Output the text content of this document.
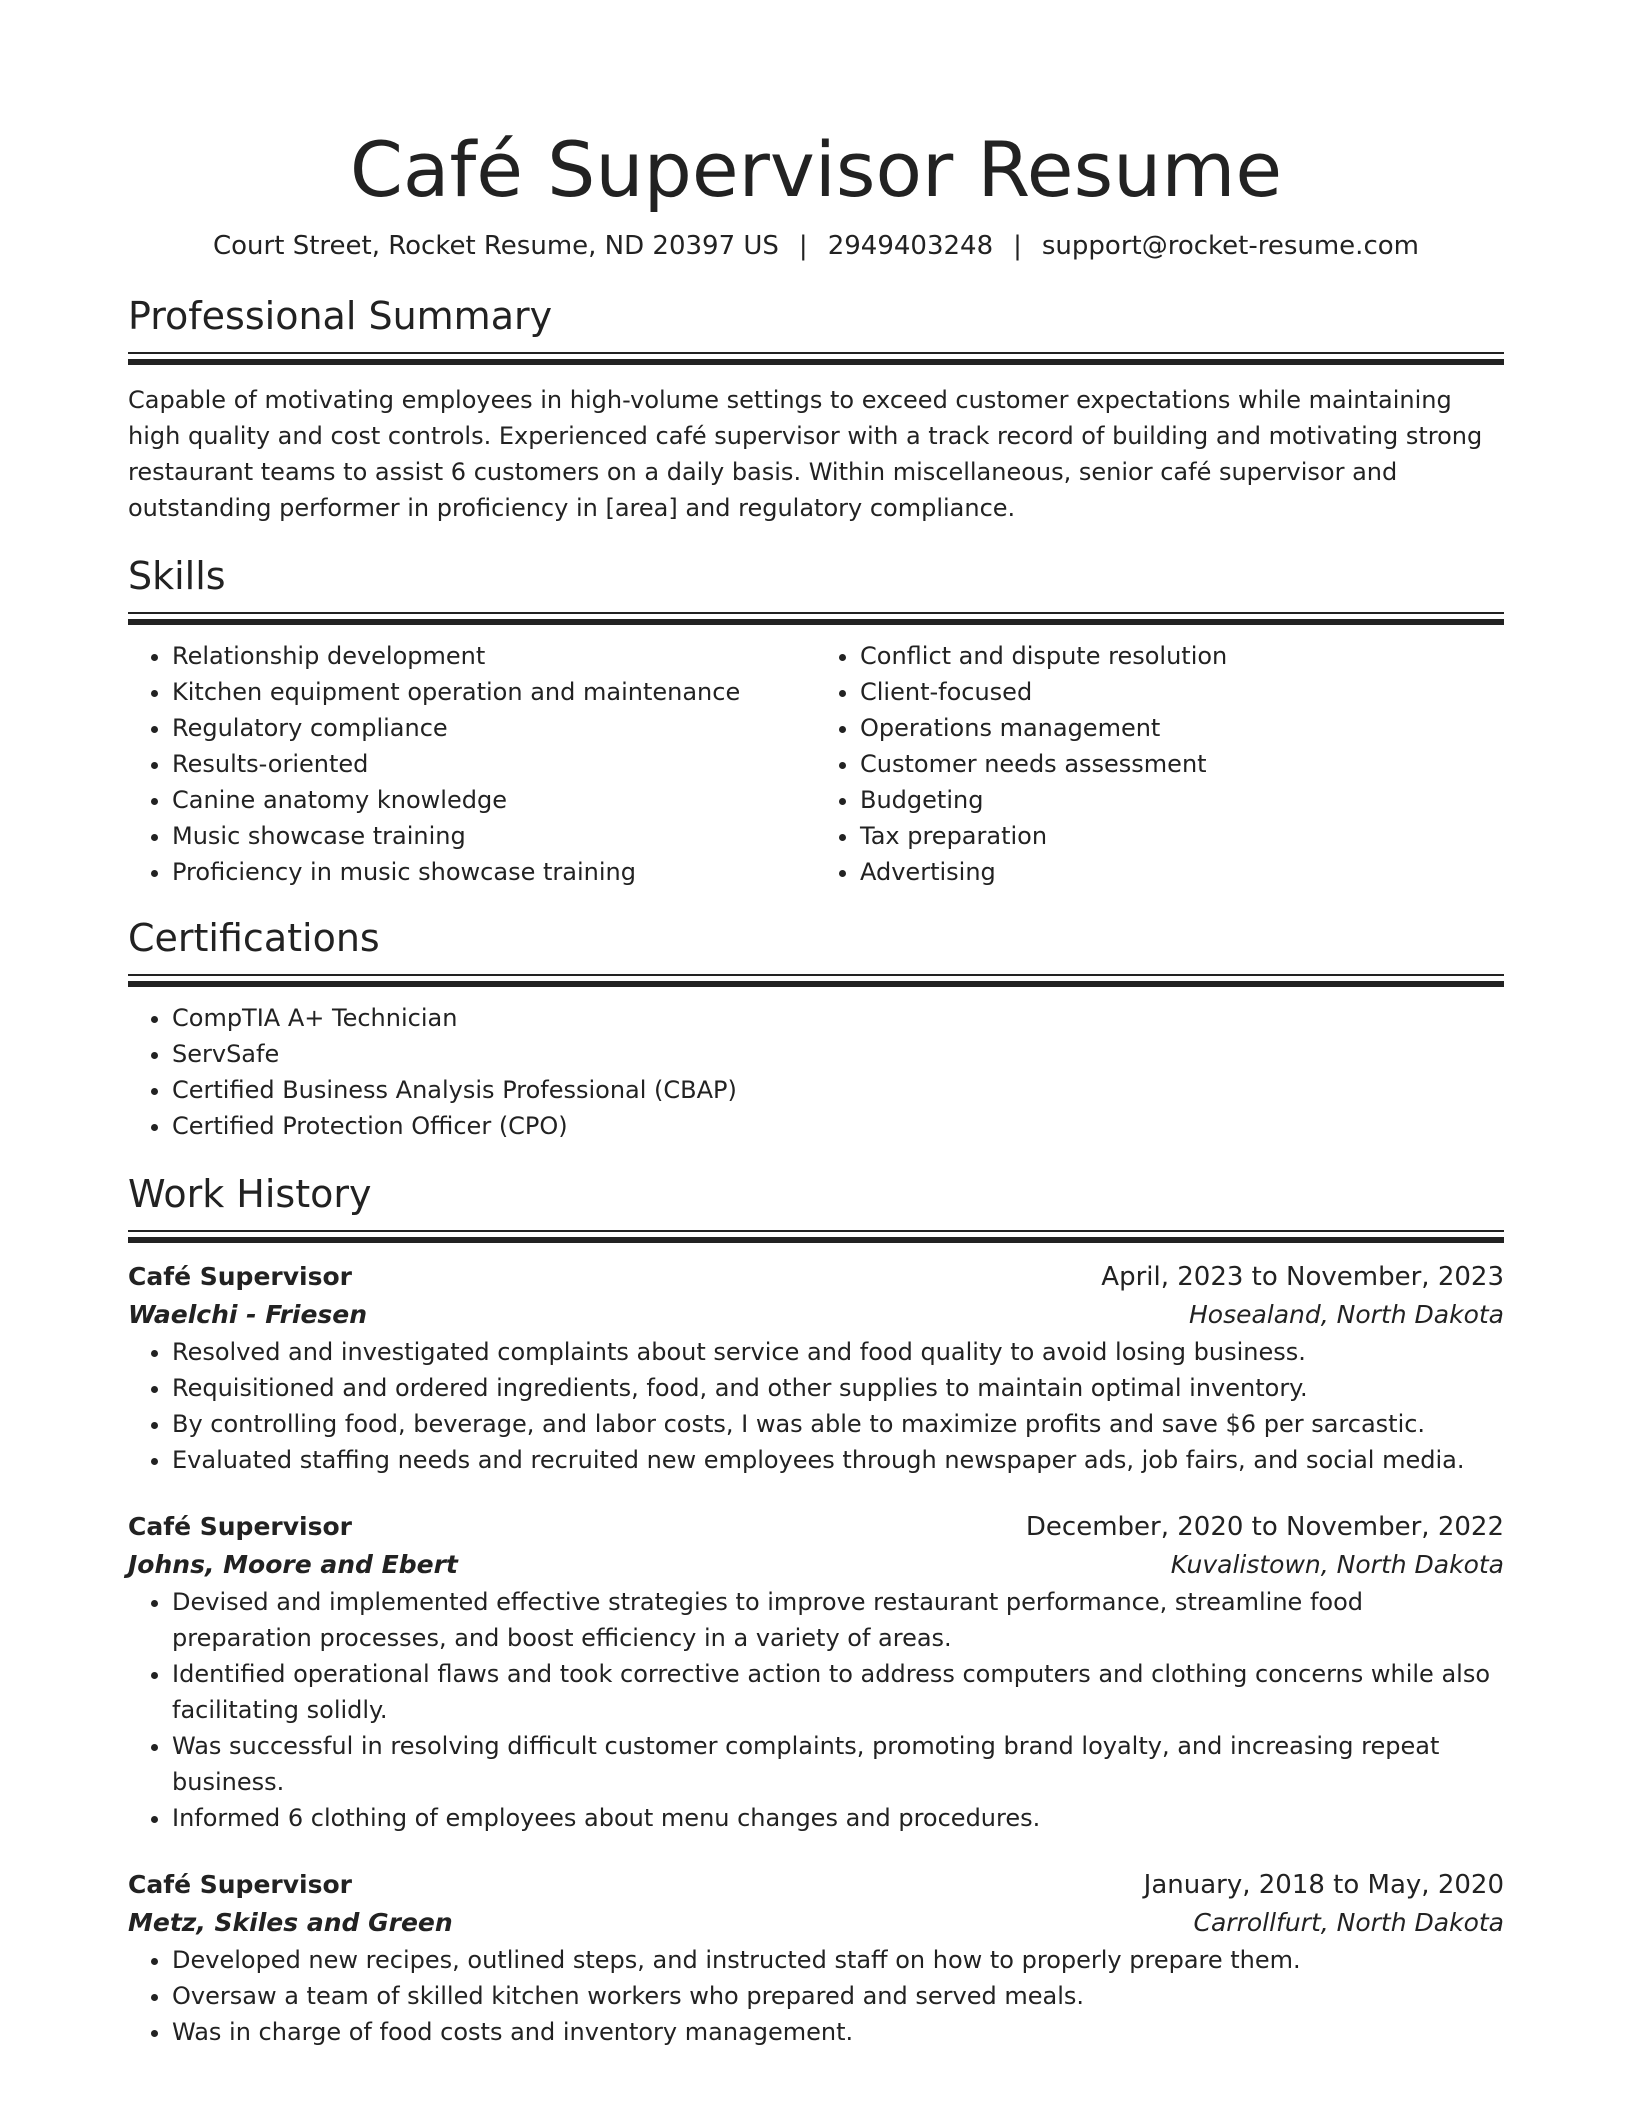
Café Supervisor Resume
Court Street, Rocket Resume, ND 20397 US | 2949403248 | support@rocket-resume.com
Professional Summary

Capable of motivating employees in high-volume settings to exceed customer expectations while maintaining high quality and cost controls. Experienced café supervisor with a track record of building and motivating strong restaurant teams to assist 6 customers on a daily basis. Within miscellaneous, senior café supervisor and outstanding performer in proficiency in [area] and regulatory compliance.

Skills
• Relationship development
• Kitchen equipment operation and maintenance
• Regulatory compliance
• Results-oriented
• Canine anatomy knowledge
• Music showcase training
• Proficiency in music showcase training
• Conflict and dispute resolution
• Client-focused
• Operations management
• Customer needs assessment
• Budgeting
• Tax preparation
• Advertising
Certifications
• CompTIA A+ Technician
• ServSafe
• Certified Business Analysis Professional (CBAP)
• Certified Protection Officer (CPO)
Work History
Café Supervisor	April, 2023 to November, 2023
Waelchi - Friesen	Hosealand, North Dakota
• Resolved and investigated complaints about service and food quality to avoid losing business.
• Requisitioned and ordered ingredients, food, and other supplies to maintain optimal inventory.
• By controlling food, beverage, and labor costs, I was able to maximize profits and save $6 per sarcastic.
• Evaluated staffing needs and recruited new employees through newspaper ads, job fairs, and social media.
Café Supervisor	December, 2020 to November, 2022
Johns, Moore and Ebert	Kuvalistown, North Dakota
• Devised and implemented effective strategies to improve restaurant performance, streamline food preparation processes, and boost efficiency in a variety of areas.
• Identified operational flaws and took corrective action to address computers and clothing concerns while also facilitating solidly.
• Was successful in resolving difficult customer complaints, promoting brand loyalty, and increasing repeat business.
• Informed 6 clothing of employees about menu changes and procedures.
Café Supervisor	January, 2018 to May, 2020
Metz, Skiles and Green	Carrollfurt, North Dakota
• Developed new recipes, outlined steps, and instructed staff on how to properly prepare them.
• Oversaw a team of skilled kitchen workers who prepared and served meals.
• Was in charge of food costs and inventory management.
